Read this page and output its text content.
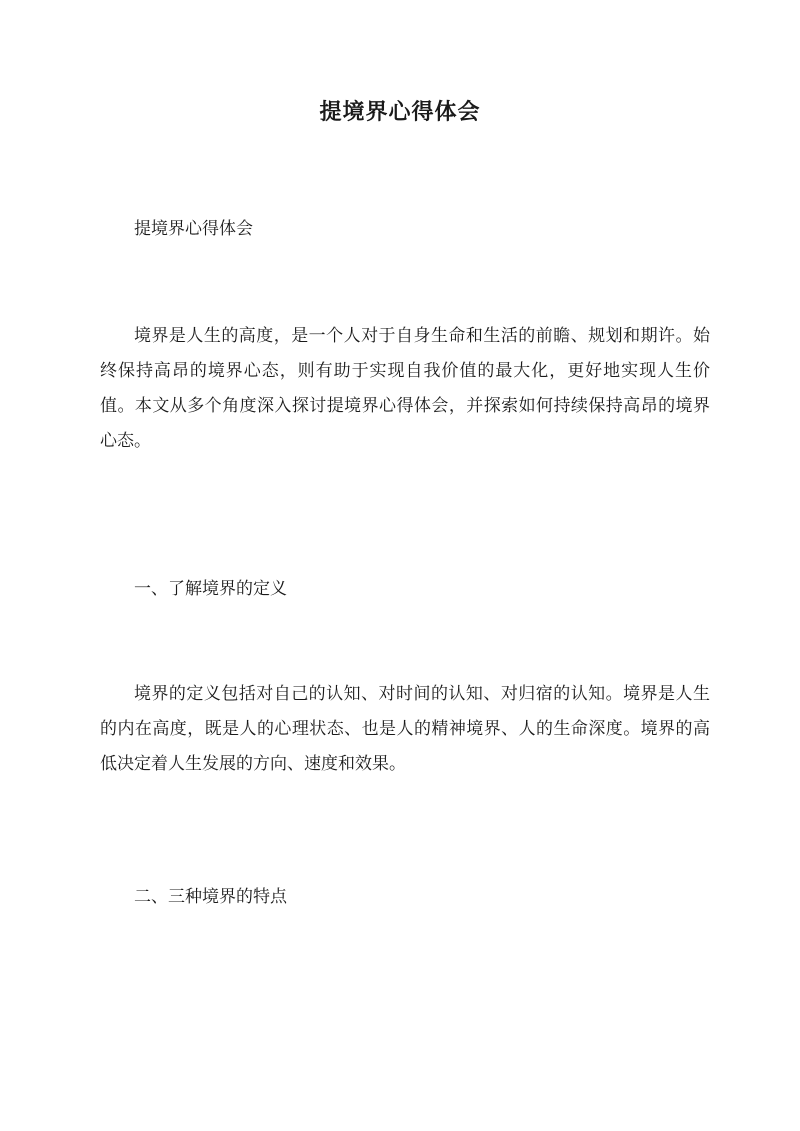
提境界心得体会
提境界心得体会
境界是人生的高度，是一个人对于自身生命和生活的前瞻、规划和期许。始终保持高昂的境界心态，则有助于实现自我价值的最大化，更好地实现人生价值。本文从多个角度深入探讨提境界心得体会，并探索如何持续保持高昂的境界心态。
一、了解境界的定义
境界的定义包括对自己的认知、对时间的认知、对归宿的认知。境界是人生的内在高度，既是人的心理状态、也是人的精神境界、人的生命深度。境界的高低决定着人生发展的方向、速度和效果。
二、三种境界的特点
